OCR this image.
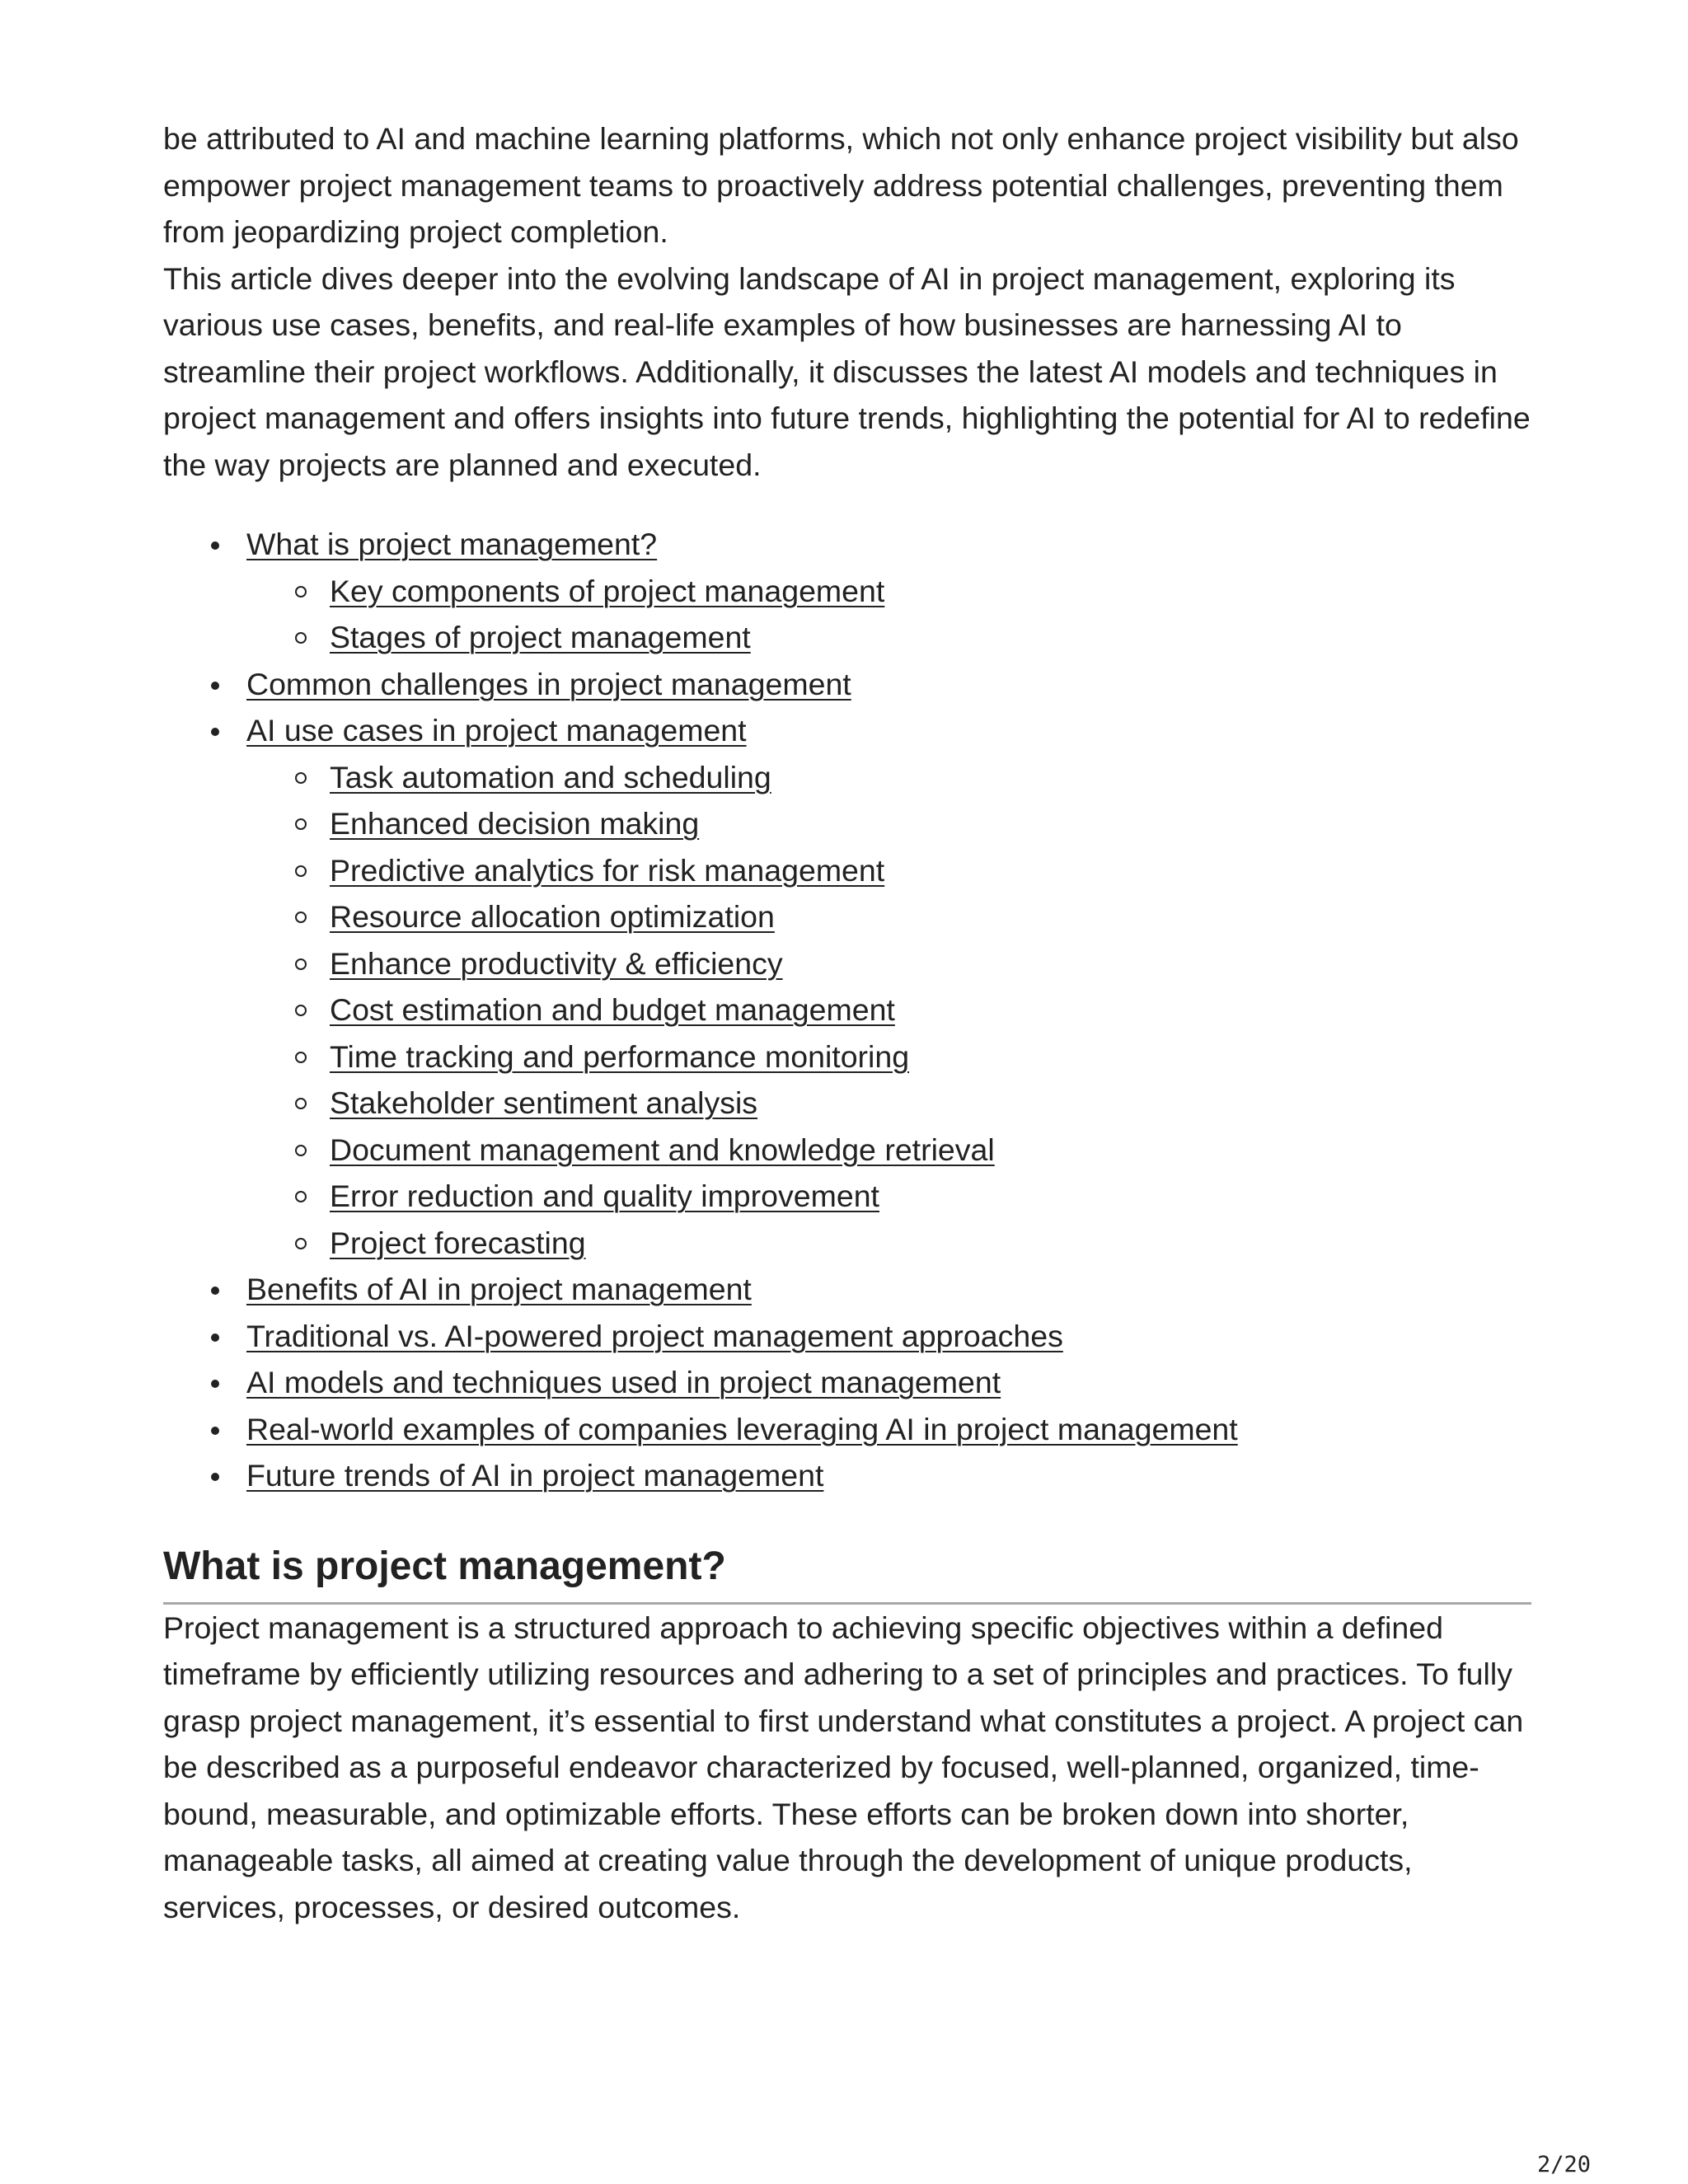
be attributed to AI and machine learning platforms, which not only enhance project visibility but also empower project management teams to proactively address potential challenges, preventing them from jeopardizing project completion.

This article dives deeper into the evolving landscape of AI in project management, exploring its various use cases, benefits, and real-life examples of how businesses are harnessing AI to streamline their project workflows. Additionally, it discusses the latest AI models and techniques in project management and offers insights into future trends, highlighting the potential for AI to redefine the way projects are planned and executed.

What is project management?
Key components of project management
Stages of project management
Common challenges in project management
AI use cases in project management
Task automation and scheduling
Enhanced decision making
Predictive analytics for risk management
Resource allocation optimization
Enhance productivity & efficiency
Cost estimation and budget management
Time tracking and performance monitoring
Stakeholder sentiment analysis
Document management and knowledge retrieval
Error reduction and quality improvement
Project forecasting
Benefits of AI in project management
Traditional vs. AI-powered project management approaches
AI models and techniques used in project management
Real-world examples of companies leveraging AI in project management
Future trends of AI in project management
What is project management?

Project management is a structured approach to achieving specific objectives within a defined timeframe by efficiently utilizing resources and adhering to a set of principles and practices. To fully grasp project management, it’s essential to first understand what constitutes a project. A project can be described as a purposeful endeavor characterized by focused, well-planned, organized, time-bound, measurable, and optimizable efforts. These efforts can be broken down into shorter, manageable tasks, all aimed at creating value through the development of unique products, services, processes, or desired outcomes.

2/20
